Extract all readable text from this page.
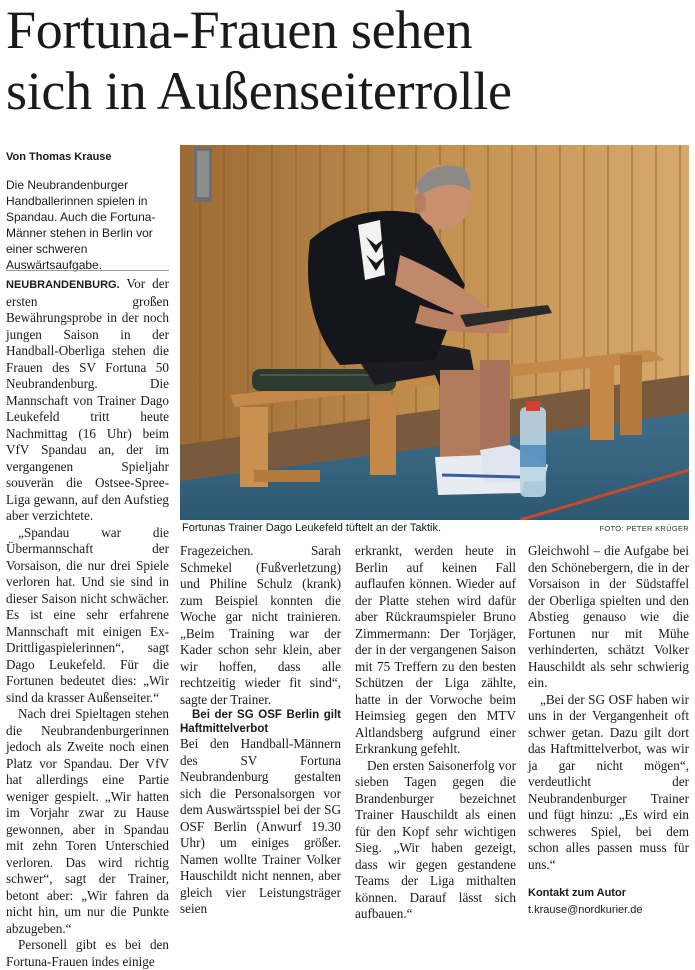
Fortuna-Frauen sehen
sich in Außenseiterrolle
Von Thomas Krause
Die Neubrandenburger Handballerinnen spielen in Spandau. Auch die Fortuna-Männer stehen in Berlin vor einer schweren Auswärtsaufgabe.

NEUBRANDENBURG. Vor der ersten großen Bewährungsprobe in der noch jungen Saison in der Handball-Oberliga stehen die Frauen des SV Fortuna 50 Neubrandenburg. Die Mannschaft von Trainer Dago Leukefeld tritt heute Nachmittag (16 Uhr) beim VfV Spandau an, der im vergangenen Spieljahr souverän die Ostsee-Spree-Liga gewann, auf den Aufstieg aber verzichtete.

„Spandau war die Übermannschaft der Vorsaison, die nur drei Spiele verloren hat. Und sie sind in dieser Saison nicht schwächer. Es ist eine sehr erfahrene Mannschaft mit einigen Ex-Drittligaspielerinnen“, sagt Dago Leukefeld. Für die Fortunen bedeutet dies: „Wir sind da krasser Außenseiter.“

Nach drei Spieltagen stehen die Neubrandenburgerinnen jedoch als Zweite noch einen Platz vor Spandau. Der VfV hat allerdings eine Partie weniger gespielt. „Wir hatten im Vorjahr zwar zu Hause gewonnen, aber in Spandau mit zehn Toren Unterschied verloren. Das wird richtig schwer“, sagt der Trainer, betont aber: „Wir fahren da nicht hin, um nur die Punkte abzugeben.“

Personell gibt es bei den Fortuna-Frauen indes einige

Fortunas Trainer Dago Leukefeld tüftelt an der Taktik.	FOTO: PETER KRÜGER

Fragezeichen. Sarah Schmekel (Fußverletzung) und Philine Schulz (krank) zum Beispiel konnten die Woche gar nicht trainieren. „Beim Training war der Kader schon sehr klein, aber wir hoffen, dass alle rechtzeitig wieder fit sind“, sagte der Trainer.

Bei der SG OSF Berlin gilt Haftmittelverbot

Bei den Handball-Männern des SV Fortuna Neubrandenburg gestalten sich die Personalsorgen vor dem Auswärtsspiel bei der SG OSF Berlin (Anwurf 19.30 Uhr) um einiges größer. Namen wollte Trainer Volker Hauschildt nicht nennen, aber gleich vier Leistungsträger seien

erkrankt, werden heute in Berlin auf keinen Fall auflaufen können. Wieder auf der Platte stehen wird dafür aber Rückraumspieler Bruno Zimmermann: Der Torjäger, der in der vergangenen Saison mit 75 Treffern zu den besten Schützen der Liga zählte, hatte in der Vorwoche beim Heimsieg gegen den MTV Altlandsberg aufgrund einer Erkrankung gefehlt.

Den ersten Saisonerfolg vor sieben Tagen gegen die Brandenburger bezeichnet Trainer Hauschildt als einen für den Kopf sehr wichtigen Sieg. „Wir haben gezeigt, dass wir gegen gestandene Teams der Liga mithalten können. Darauf lässt sich aufbauen.“

Gleichwohl – die Aufgabe bei den Schönebergern, die in der Vorsaison in der Südstaffel der Oberliga spielten und den Abstieg genauso wie die Fortunen nur mit Mühe verhinderten, schätzt Volker Hauschildt als sehr schwierig ein.

„Bei der SG OSF haben wir uns in der Vergangenheit oft schwer getan. Dazu gilt dort das Haftmittelverbot, was wir ja gar nicht mögen“, verdeutlicht der Neubrandenburger Trainer und fügt hinzu: „Es wird ein schweres Spiel, bei dem schon alles passen muss für uns.“

Kontakt zum Autor
t.krause@nordkurier.de
